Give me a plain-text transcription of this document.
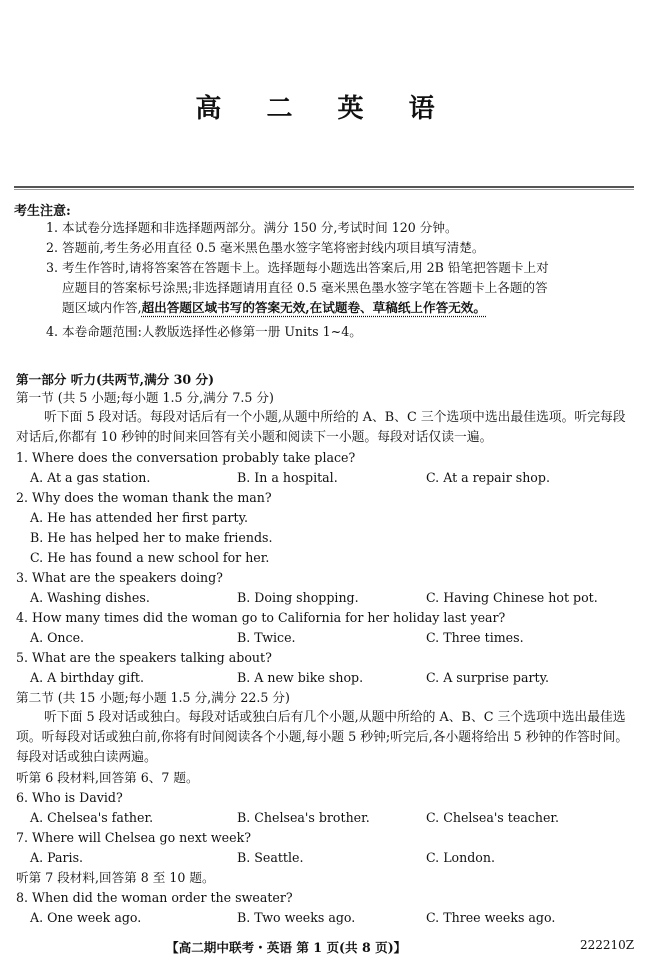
高 二 英 语
考生注意:
1. 本试卷分选择题和非选择题两部分。满分 150 分,考试时间 120 分钟。
2. 答题前,考生务必用直径 0.5 毫米黑色墨水签字笔将密封线内项目填写清楚。
3. 考生作答时,请将答案答在答题卡上。选择题每小题选出答案后,用 2B 铅笔把答题卡上对
应题目的答案标号涂黑;非选择题请用直径 0.5 毫米黑色墨水签字笔在答题卡上各题的答
题区域内作答,超出答题区域书写的答案无效,在试题卷、草稿纸上作答无效。
4. 本卷命题范围:人教版选择性必修第一册 Units 1~4。
第一部分 听力(共两节,满分 30 分)
第一节 (共 5 小题;每小题 1.5 分,满分 7.5 分)
听下面 5 段对话。每段对话后有一个小题,从题中所给的 A、B、C 三个选项中选出最佳选项。听完每段对话后,你都有 10 秒钟的时间来回答有关小题和阅读下一小题。每段对话仅读一遍。
1. Where does the conversation probably take place?
A. At a gas station.	B. In a hospital.	C. At a repair shop.
2. Why does the woman thank the man?
A. He has attended her first party.
B. He has helped her to make friends.
C. He has found a new school for her.
3. What are the speakers doing?
A. Washing dishes.	B. Doing shopping.	C. Having Chinese hot pot.
4. How many times did the woman go to California for her holiday last year?
A. Once.	B. Twice.	C. Three times.
5. What are the speakers talking about?
A. A birthday gift.	B. A new bike shop.	C. A surprise party.
第二节 (共 15 小题;每小题 1.5 分,满分 22.5 分)
听下面 5 段对话或独白。每段对话或独白后有几个小题,从题中所给的 A、B、C 三个选项中选出最佳选项。听每段对话或独白前,你将有时间阅读各个小题,每小题 5 秒钟;听完后,各小题将给出 5 秒钟的作答时间。每段对话或独白读两遍。
听第 6 段材料,回答第 6、7 题。
6. Who is David?
A. Chelsea's father.	B. Chelsea's brother.	C. Chelsea's teacher.
7. Where will Chelsea go next week?
A. Paris.	B. Seattle.	C. London.
听第 7 段材料,回答第 8 至 10 题。
8. When did the woman order the sweater?
A. One week ago.	B. Two weeks ago.	C. Three weeks ago.
【高二期中联考・英语 第 1 页(共 8 页)】	222210Z
